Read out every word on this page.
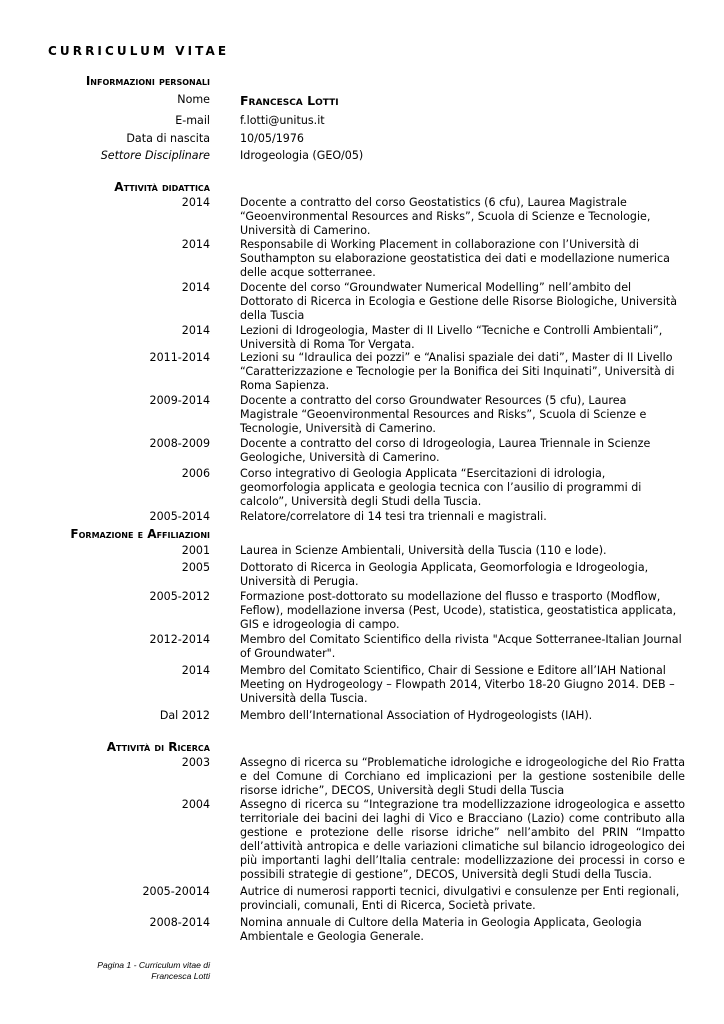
CURRICULUM VITAE
Informazioni personali
Nome Francesca Lotti
E-mail	f.lotti@unitus.it
Data di nascita	10/05/1976
Settore Disciplinare	Idrogeologia (GEO/05)
Attività didattica
2014	Docente a contratto del corso Geostatistics (6 cfu), Laurea Magistrale “Geoenvironmental Resources and Risks”, Scuola di Scienze e Tecnologie, Università di Camerino.
2014	Responsabile di Working Placement in collaborazione con l’Università di Southampton su elaborazione geostatistica dei dati e modellazione numerica delle acque sotterranee.
2014	Docente del corso “Groundwater Numerical Modelling” nell’ambito del Dottorato di Ricerca in Ecologia e Gestione delle Risorse Biologiche, Università della Tuscia
2014	Lezioni di Idrogeologia, Master di II Livello “Tecniche e Controlli Ambientali”, Università di Roma Tor Vergata.
2011-2014	Lezioni su “Idraulica dei pozzi” e “Analisi spaziale dei dati”, Master di II Livello “Caratterizzazione e Tecnologie per la Bonifica dei Siti Inquinati”, Università di Roma Sapienza.
2009-2014	Docente a contratto del corso Groundwater Resources (5 cfu), Laurea Magistrale “Geoenvironmental Resources and Risks”, Scuola di Scienze e Tecnologie, Università di Camerino.
2008-2009	Docente a contratto del corso di Idrogeologia, Laurea Triennale in Scienze Geologiche, Università di Camerino.
2006	Corso integrativo di Geologia Applicata “Esercitazioni di idrologia, geomorfologia applicata e geologia tecnica con l’ausilio di programmi di calcolo”, Università degli Studi della Tuscia.
2005-2014	Relatore/correlatore di 14 tesi tra triennali e magistrali.
Formazione e Affiliazioni
2001	Laurea in Scienze Ambientali, Università della Tuscia (110 e lode).
2005	Dottorato di Ricerca in Geologia Applicata, Geomorfologia e Idrogeologia, Università di Perugia.
2005-2012	Formazione post-dottorato su modellazione del flusso e trasporto (Modflow, Feflow), modellazione inversa (Pest, Ucode), statistica, geostatistica applicata, GIS e idrogeologia di campo.
2012-2014	Membro del Comitato Scientifico della rivista "Acque Sotterranee-Italian Journal of Groundwater".
2014	Membro del Comitato Scientifico, Chair di Sessione e Editore all’IAH National Meeting on Hydrogeology – Flowpath 2014, Viterbo 18-20 Giugno 2014. DEB – Università della Tuscia.
Dal 2012	Membro dell’International Association of Hydrogeologists (IAH).
Attività di Ricerca
2003	Assegno di ricerca su “Problematiche idrologiche e idrogeologiche del Rio Fratta e del Comune di Corchiano ed implicazioni per la gestione sostenibile delle risorse idriche”, DECOS, Università degli Studi della Tuscia
2004	Assegno di ricerca su “Integrazione tra modellizzazione idrogeologica e assetto territoriale dei bacini dei laghi di Vico e Bracciano (Lazio) come contributo alla gestione e protezione delle risorse idriche” nell’ambito del PRIN “Impatto dell’attività antropica e delle variazioni climatiche sul bilancio idrogeologico dei più importanti laghi dell’Italia centrale: modellizzazione dei processi in corso e possibili strategie di gestione”, DECOS, Università degli Studi della Tuscia.
2005-20014	Autrice di numerosi rapporti tecnici, divulgativi e consulenze per Enti regionali, provinciali, comunali, Enti di Ricerca, Società private.
2008-2014	Nomina annuale di Cultore della Materia in Geologia Applicata, Geologia Ambientale e Geologia Generale.
Pagina 1 - Curriculum vitae di
Francesca Lotti
